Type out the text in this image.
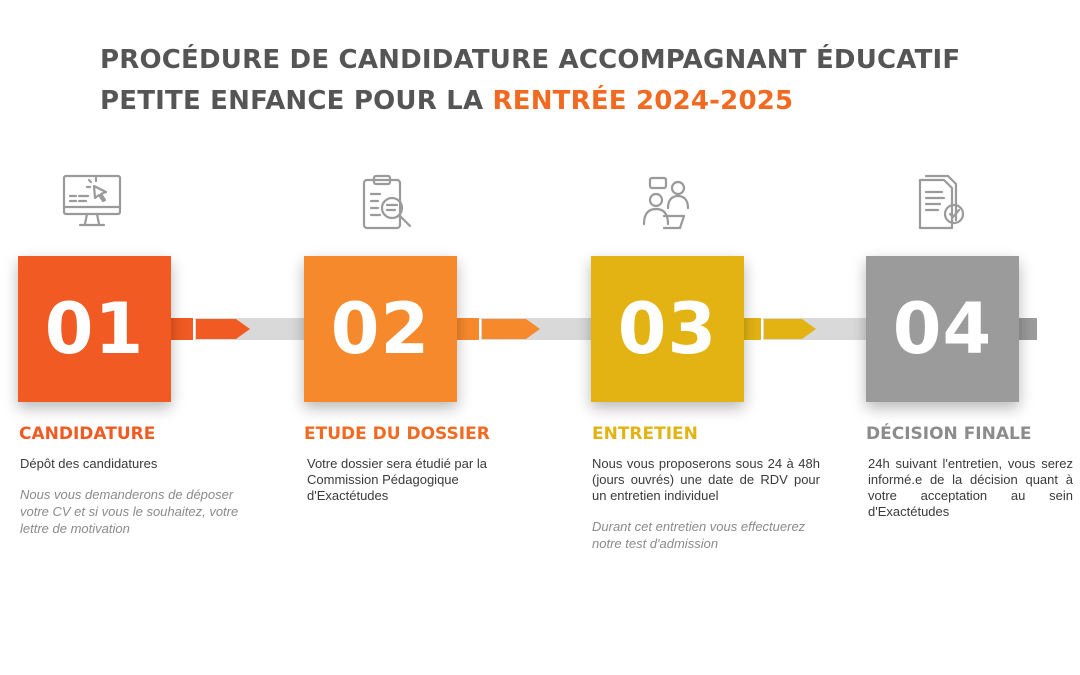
PROCÉDURE DE CANDIDATURE ACCOMPAGNANT ÉDUCATIF
PETITE ENFANCE POUR LA RENTRÉE 2024-2025
01	02	03	04
CANDIDATURE	ETUDE DU DOSSIER	ENTRETIEN	DÉCISION FINALE

Dépôt des candidatures

Nous vous demanderons de déposer votre CV et si vous le souhaitez, votre lettre de motivation

Votre dossier sera étudié par la Commission Pédagogique d'Exactétudes

Nous vous proposerons sous 24 à 48h (jours ouvrés) une date de RDV pour un entretien individuel

Durant cet entretien vous effectuerez notre test d'admission

24h suivant l'entretien, vous serez informé.e de la décision quant à votre acceptation au sein d'Exactétudes
